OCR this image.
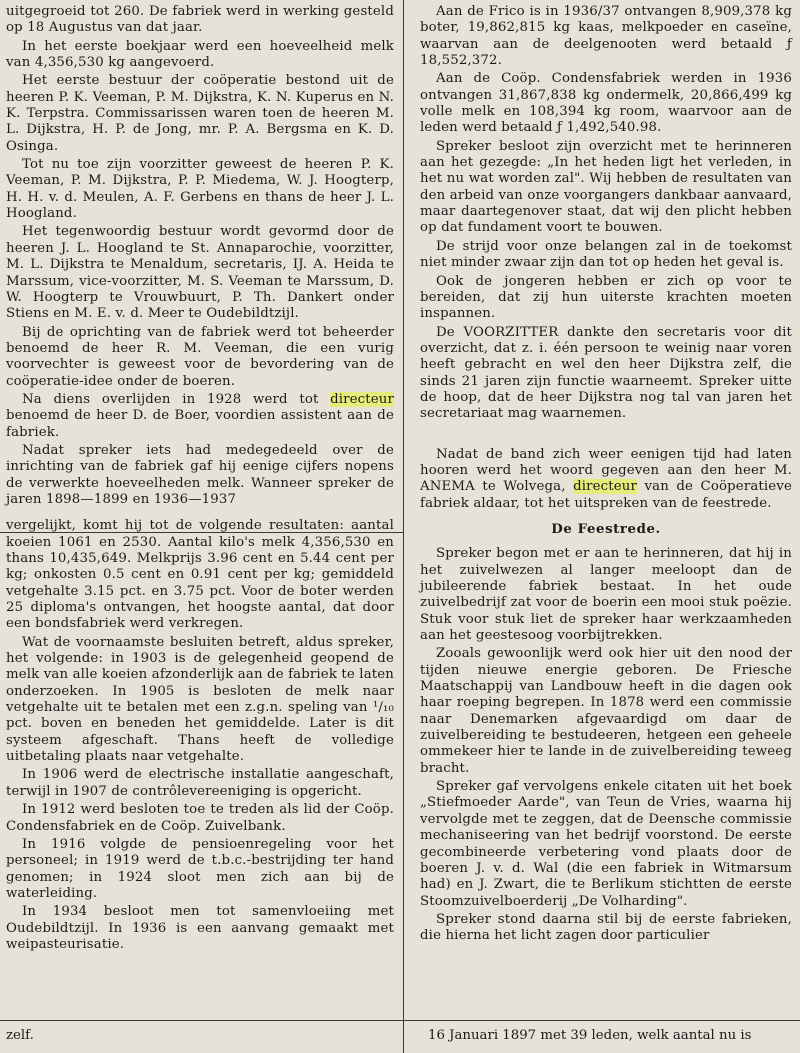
uitgegroeid tot 260. De fabriek werd in werking gesteld op 18 Augustus van dat jaar.

In het eerste boekjaar werd een hoeveelheid melk van 4,356,530 kg aangevoerd.

Het eerste bestuur der coöperatie bestond uit de heeren P. K. Veeman, P. M. Dijkstra, K. N. Kuperus en N. K. Terpstra. Commissarissen waren toen de heeren M. L. Dijkstra, H. P. de Jong, mr. P. A. Bergsma en K. D. Osinga.

Tot nu toe zijn voorzitter geweest de heeren P. K. Veeman, P. M. Dijkstra, P. P. Miedema, W. J. Hoogterp, H. H. v. d. Meulen, A. F. Gerbens en thans de heer J. L. Hoogland.

Het tegenwoordig bestuur wordt gevormd door de heeren J. L. Hoogland te St. Annaparochie, voorzitter, M. L. Dijkstra te Menaldum, secretaris, IJ. A. Heida te Marssum, vice-voorzitter, M. S. Veeman te Marssum, D. W. Hoogterp te Vrouwbuurt, P. Th. Dankert onder Stiens en M. E. v. d. Meer te Oudebildtzijl.

Bij de oprichting van de fabriek werd tot beheerder benoemd de heer R. M. Veeman, die een vurig voorvechter is geweest voor de bevordering van de coöperatie-idee onder de boeren.

Na diens overlijden in 1928 werd tot directeur benoemd de heer D. de Boer, voordien assistent aan de fabriek.

Nadat spreker iets had medegedeeld over de inrichting van de fabriek gaf hij eenige cijfers nopens de verwerkte hoeveelheden melk. Wanneer spreker de jaren 1898—1899 en 1936—1937

vergelijkt, komt hij tot de volgende resultaten: aantal koeien 1061 en 2530. Aantal kilo's melk 4,356,530 en thans 10,435,649. Melkprijs 3.96 cent en 5.44 cent per kg; onkosten 0.5 cent en 0.91 cent per kg; gemiddeld vetgehalte 3.15 pct. en 3.75 pct. Voor de boter werden 25 diploma's ontvangen, het hoogste aantal, dat door een bondsfabriek werd verkregen.

Wat de voornaamste besluiten betreft, aldus spreker, het volgende: in 1903 is de gelegenheid geopend de melk van alle koeien afzonderlijk aan de fabriek te laten onderzoeken. In 1905 is besloten de melk naar vetgehalte uit te betalen met een z.g.n. speling van ¹/₁₀ pct. boven en beneden het gemiddelde. Later is dit systeem afgeschaft. Thans heeft de volledige uitbetaling plaats naar vetgehalte.

In 1906 werd de electrische installatie aangeschaft, terwijl in 1907 de contrôlevereeniging is opgericht.

In 1912 werd besloten toe te treden als lid der Coöp. Condensfabriek en de Coöp. Zuivelbank.

In 1916 volgde de pensioenregeling voor het personeel; in 1919 werd de t.b.c.-bestrijding ter hand genomen; in 1924 sloot men zich aan bij de waterleiding.

In 1934 besloot men tot samenvloeiing met Oudebildtzijl. In 1936 is een aanvang gemaakt met weipasteurisatie.

Aan de Frico is in 1936/37 ontvangen 8,909,378 kg boter, 19,862,815 kg kaas, melkpoeder en caseïne, waarvan aan de deelgenooten werd betaald ƒ 18,552,372.

Aan de Coöp. Condensfabriek werden in 1936 ontvangen 31,867,838 kg ondermelk, 20,866,499 kg volle melk en 108,394 kg room, waarvoor aan de leden werd betaald ƒ 1,492,540.98.

Spreker besloot zijn overzicht met te herinneren aan het gezegde: „In het heden ligt het verleden, in het nu wat worden zal". Wij hebben de resultaten van den arbeid van onze voorgangers dankbaar aanvaard, maar daartegenover staat, dat wij den plicht hebben op dat fundament voort te bouwen.

De strijd voor onze belangen zal in de toekomst niet minder zwaar zijn dan tot op heden het geval is.

Ook de jongeren hebben er zich op voor te bereiden, dat zij hun uiterste krachten moeten inspannen.

De VOORZITTER dankte den secretaris voor dit overzicht, dat z. i. één persoon te weinig naar voren heeft gebracht en wel den heer Dijkstra zelf, die sinds 21 jaren zijn functie waarneemt. Spreker uitte de hoop, dat de heer Dijkstra nog tal van jaren het secretariaat mag waarnemen.

Nadat de band zich weer eenigen tijd had laten hooren werd het woord gegeven aan den heer M. ANEMA te Wolvega, directeur van de Coöperatieve fabriek aldaar, tot het uitspreken van de feestrede.

De Feestrede.

Spreker begon met er aan te herinneren, dat hij in het zuivelwezen al langer meeloopt dan de jubileerende fabriek bestaat. In het oude zuivelbedrijf zat voor de boerin een mooi stuk poëzie. Stuk voor stuk liet de spreker haar werkzaamheden aan het geestesoog voorbijtrekken.

Zooals gewoonlijk werd ook hier uit den nood der tijden nieuwe energie geboren. De Friesche Maatschappij van Landbouw heeft in die dagen ook haar roeping begrepen. In 1878 werd een commissie naar Denemarken afgevaardigd om daar de zuivelbereiding te bestudeeren, hetgeen een geheele ommekeer hier te lande in de zuivelbereiding teweeg bracht.

Spreker gaf vervolgens enkele citaten uit het boek „Stiefmoeder Aarde", van Teun de Vries, waarna hij vervolgde met te zeggen, dat de Deensche commissie mechaniseering van het bedrijf voorstond. De eerste gecombineerde verbetering vond plaats door de boeren J. v. d. Wal (die een fabriek in Witmarsum had) en J. Zwart, die te Berlikum stichtten de eerste Stoomzuivelboerderij „De Volharding".

Spreker stond daarna stil bij de eerste fabrieken, die hierna het licht zagen door particulier

zelf.	16 Januari 1897 met 39 leden, welk aantal nu is
